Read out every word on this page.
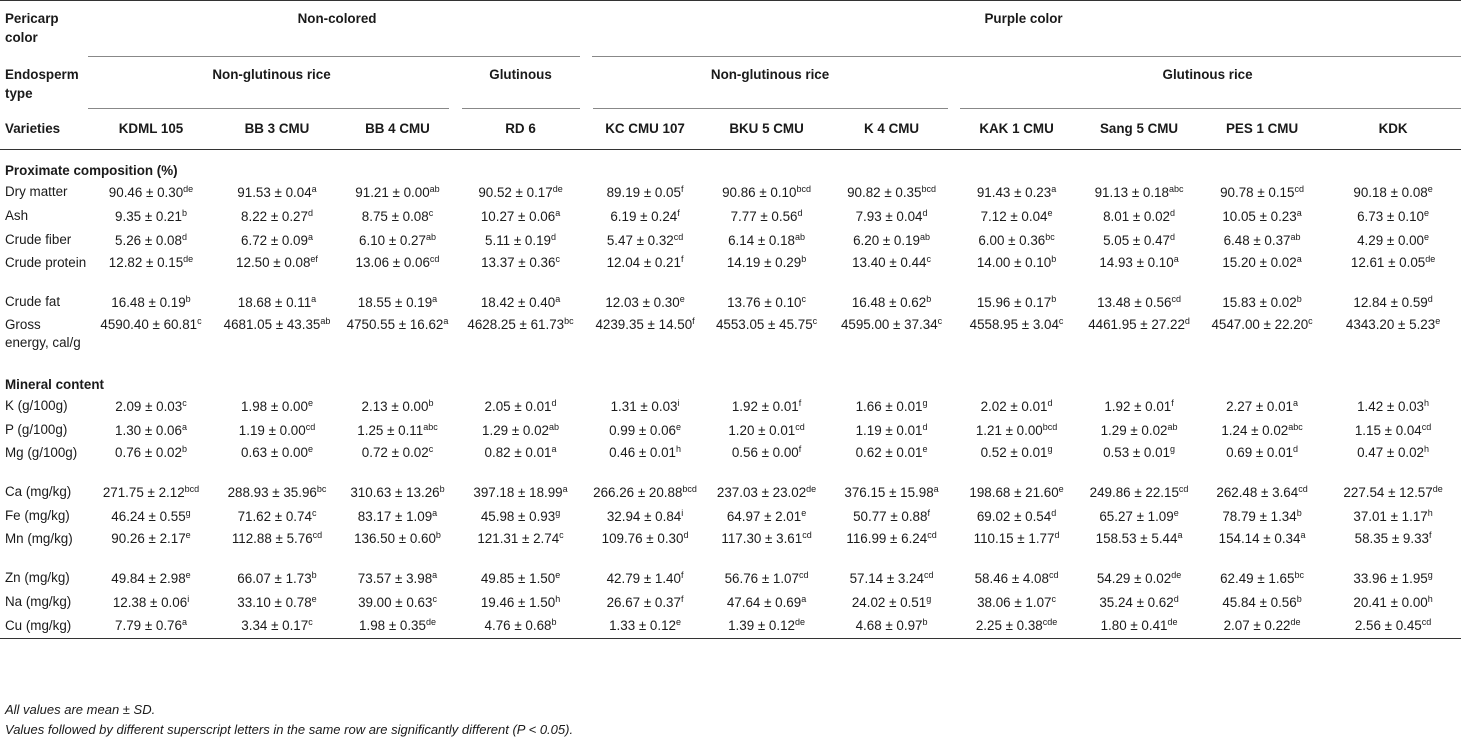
Pericarp color	Non-colored				Purple color						
Endosperm type	Non-glutinous rice			Glutinous	Non-glutinous rice			Glutinous rice			
Varieties	KDML 105	BB 3 CMU	BB 4 CMU	RD 6	KC CMU 107	BKU 5 CMU	K 4 CMU	KAK 1 CMU	Sang 5 CMU	PES 1 CMU	KDK
Proximate composition (%)											
Dry matter	90.46 ± 0.30de	91.53 ± 0.04$^a$	91.21 ± 0.00$^{ab}$	90.52 ± 0.17de	89.19 ± 0.05$^f$	90.86 ± 0.10$^{bcd}$	90.82 ± 0.35$^{bcd}$	91.43 ± 0.23$^a$	91.13 ± 0.18$^{abc}$	90.78 ± 0.15$^{cd}$	90.18 ± 0.08$^e$
Ash	9.35 ± 0.21$^b$	8.22 ± 0.27$^d$	8.75 ± 0.08$^c$	10.27 ± 0.06$^a$	6.19 ± 0.24$^f$	7.77 ± 0.56$^d$	7.93 ± 0.04$^d$	7.12 ± 0.04$^e$	8.01 ± 0.02$^d$	10.05 ± 0.23$^a$	6.73 ± 0.10$^e$
Crude fiber	5.26 ± 0.08$^d$	6.72 ± 0.09$^a$	6.10 ± 0.27$^{ab}$	5.11 ± 0.19$^d$	5.47 ± 0.32$^{cd}$	6.14 ± 0.18$^{ab}$	6.20 ± 0.19$^{ab}$	6.00 ± 0.36$^{bc}$	5.05 ± 0.47$^d$	6.48 ± 0.37$^{ab}$	4.29 ± 0.00$^e$
Crude protein	12.82 ± 0.15de	12.50 ± 0.08$^{ef}$	13.06 ± 0.06$^{cd}$	13.37 ± 0.36$^c$	12.04 ± 0.21$^f$	14.19 ± 0.29$^b$	13.40 ± 0.44$^c$	14.00 ± 0.10$^b$	14.93 ± 0.10$^a$	15.20 ± 0.02$^a$	12.61 ± 0.05de
Crude fat	16.48 ± 0.19$^b$	18.68 ± 0.11$^a$	18.55 ± 0.19$^a$	18.42 ± 0.40$^a$	12.03 ± 0.30$^e$	13.76 ± 0.10$^c$	16.48 ± 0.62$^b$	15.96 ± 0.17$^b$	13.48 ± 0.56$^{cd}$	15.83 ± 0.02$^b$	12.84 ± 0.59$^d$
Gross energy, cal/g	4590.40 ± 60.81$^c$	4681.05 ± 43.35$^{ab}$	4750.55 ± 16.62$^a$	4628.25 ± 61.73$^{bc}$	4239.35 ± 14.50$^f$	4553.05 ± 45.75$^c$	4595.00 ± 37.34$^c$	4558.95 ± 3.04$^c$	4461.95 ± 27.22$^d$	4547.00 ± 22.20$^c$	4343.20 ± 5.23$^e$
Mineral content											
K (g/100g)	2.09 ± 0.03$^c$	1.98 ± 0.00$^e$	2.13 ± 0.00$^b$	2.05 ± 0.01$^d$	$1.31 \pm 0.03^i$	1.92 ± 0.01$^f$	1.66 ± 0.01$^g$	2.02 ± 0.01$^d$	1.92 ± 0.01$^f$	2.27 ± 0.01$^a$	1.42 ± 0.03$^h$
P (g/100g)	1.30 ± 0.06$^a$	1.19 ± 0.00$^{cd}$	1.25 ± 0.11$^{abc}$	1.29 ± 0.02$^{ab}$	0.99 ± 0.06$^e$	1.20 ± 0.01$^{cd}$	1.19 ± 0.01$^d$	1.21 ± 0.00$^{bcd}$	1.29 ± 0.02$^{ab}$	1.24 ± 0.02$^{abc}$	1.15 ± 0.04$^{cd}$
Mg (g/100g)	0.76 ± 0.02$^b$	0.63 ± 0.00$^e$	0.72 ± 0.02$^c$	0.82 ± 0.01$^a$	0.46 ± 0.01$^h$	0.56 ± 0.00$^f$	0.62 ± 0.01$^e$	0.52 ± 0.01$^g$	0.53 ± 0.01$^g$	0.69 ± 0.01$^d$	0.47 ± 0.02$^h$
Ca (mg/kg)	271.75 ± 2.12$^{bcd}$	288.93 ± 35.96$^{bc}$	310.63 ± 13.26$^b$	397.18 ± 18.99$^a$	266.26 ± 20.88$^{bcd}$	237.03 ± 23.02de	376.15 ± 15.98$^a$	198.68 ± 21.60$^e$	249.86 ± 22.15$^{cd}$	262.48 ± 3.64$^{cd}$	227.54 ± 12.57de
Fe (mg/kg)	46.24 ± 0.55$^g$	71.62 ± 0.74$^c$	83.17 ± 1.09$^a$	45.98 ± 0.93$^g$	$32.94 \pm 0.84^i$	64.97 ± 2.01$^e$	50.77 ± 0.88$^f$	69.02 ± 0.54$^d$	65.27 ± 1.09$^e$	78.79 ± 1.34$^b$	37.01 ± 1.17$^h$
Mn (mg/kg)	90.26 ± 2.17$^e$	112.88 ± 5.76$^{cd}$	136.50 ± 0.60$^b$	121.31 ± 2.74$^c$	109.76 ± 0.30$^d$	117.30 ± 3.61$^{cd}$	116.99 ± 6.24$^{cd}$	110.15 ± 1.77$^d$	158.53 ± 5.44$^a$	154.14 ± 0.34$^a$	58.35 ± 9.33$^f$
Zn (mg/kg)	49.84 ± 2.98$^e$	66.07 ± 1.73$^b$	73.57 ± 3.98$^a$	49.85 ± 1.50$^e$	42.79 ± 1.40$^f$	56.76 ± 1.07$^{cd}$	57.14 ± 3.24$^{cd}$	58.46 ± 4.08$^{cd}$	54.29 ± 0.02de	62.49 ± 1.65$^{bc}$	33.96 ± 1.95$^g$
Na (mg/kg)	$12.38 \pm 0.06^i$	33.10 ± 0.78$^e$	39.00 ± 0.63$^c$	19.46 ± 1.50$^h$	26.67 ± 0.37$^f$	47.64 ± 0.69$^a$	24.02 ± 0.51$^g$	38.06 ± 1.07$^c$	35.24 ± 0.62$^d$	45.84 ± 0.56$^b$	20.41 ± 0.00$^h$
Cu (mg/kg)	7.79 ± 0.76$^a$	3.34 ± 0.17$^c$	1.98 ± 0.35de	4.76 ± 0.68$^b$	1.33 ± 0.12$^e$	1.39 ± 0.12de	4.68 ± 0.97$^b$	2.25 ± 0.38$^{cde}$	1.80 ± 0.41de	2.07 ± 0.22de	2.56 ± 0.45$^{cd}$
All values are mean ± SD.
Values followed by different superscript letters in the same row are significantly different (P < 0.05).
